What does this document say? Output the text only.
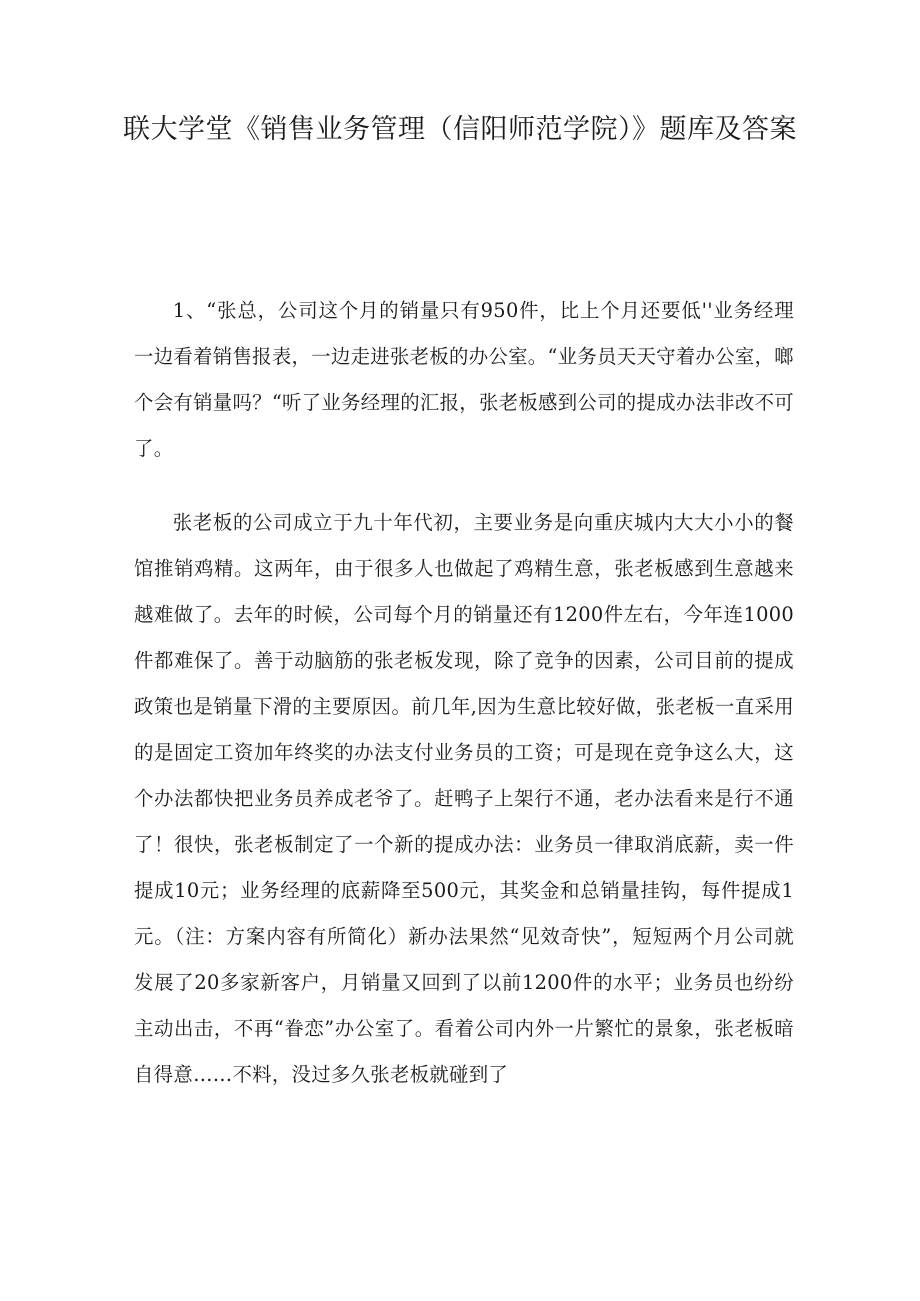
联大学堂《销售业务管理（信阳师范学院）》题库及答案

1、“张总，公司这个月的销量只有950件，比上个月还要低''业务经理一边看着销售报表，一边走进张老板的办公室。“业务员天天守着办公室，啷个会有销量吗？“听了业务经理的汇报，张老板感到公司的提成办法非改不可了。

张老板的公司成立于九十年代初，主要业务是向重庆城内大大小小的餐馆推销鸡精。这两年，由于很多人也做起了鸡精生意，张老板感到生意越来越难做了。去年的时候，公司每个月的销量还有1200件左右，今年连1000件都难保了。善于动脑筋的张老板发现，除了竞争的因素，公司目前的提成政策也是销量下滑的主要原因。前几年,因为生意比较好做，张老板一直采用的是固定工资加年终奖的办法支付业务员的工资；可是现在竞争这么大，这个办法都快把业务员养成老爷了。赶鸭子上架行不通，老办法看来是行不通了！很快，张老板制定了一个新的提成办法：业务员一律取消底薪，卖一件提成10元；业务经理的底薪降至500元，其奖金和总销量挂钩，每件提成1元。（注：方案内容有所简化）新办法果然“见效奇快”，短短两个月公司就发展了20多家新客户，月销量又回到了以前1200件的水平；业务员也纷纷主动出击，不再“眷恋”办公室了。看着公司内外一片繁忙的景象，张老板暗自得意……不料，没过多久张老板就碰到了
